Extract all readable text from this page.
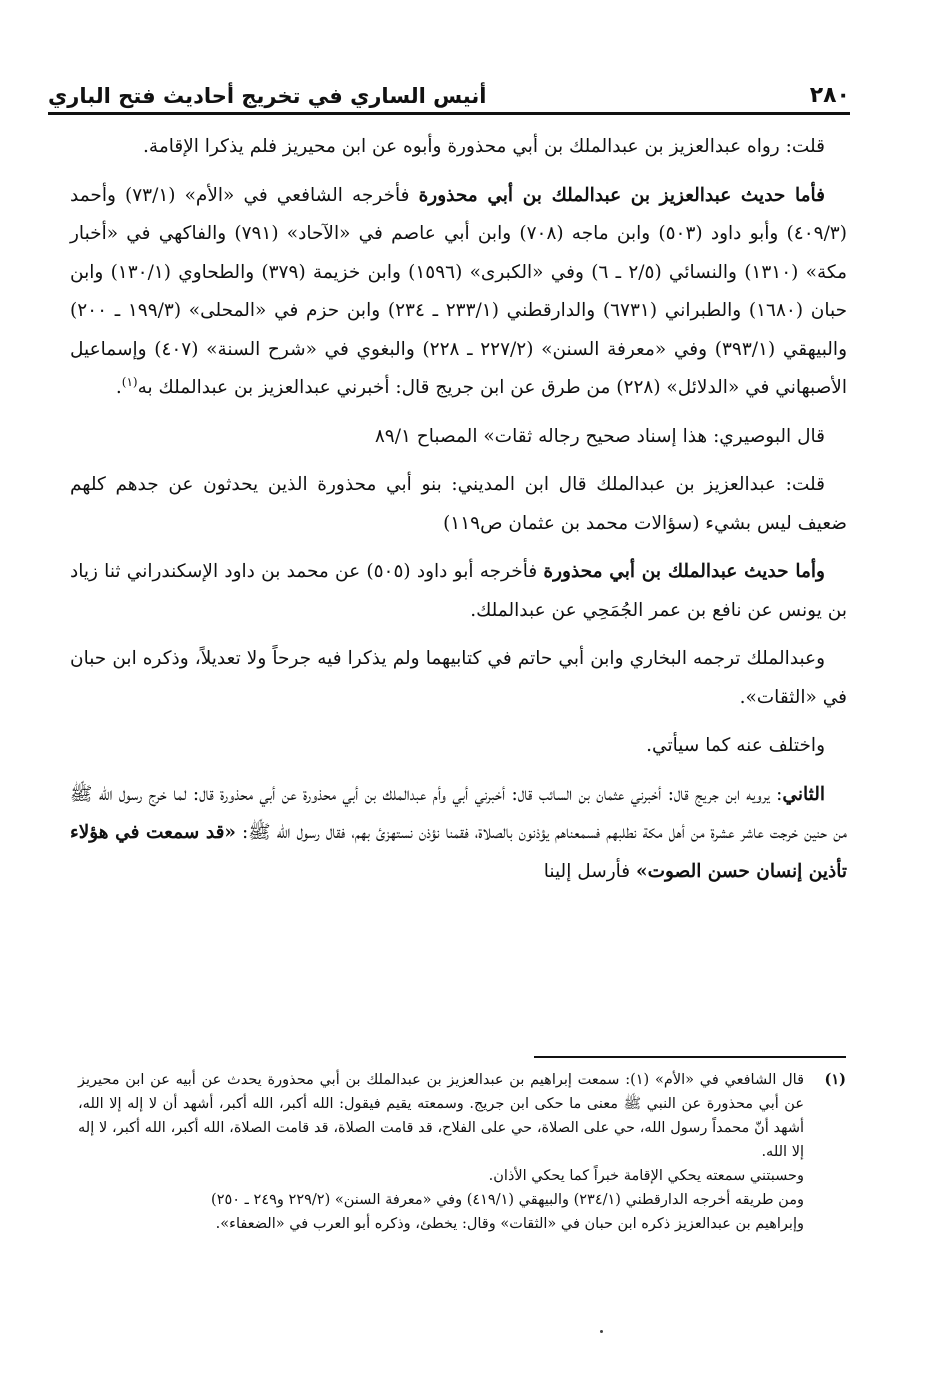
٢٨٠
أنيس الساري في تخريج أحاديث فتح الباري

قلت: رواه عبدالعزيز بن عبدالملك بن أبي محذورة وأبوه عن ابن محيريز فلم يذكرا الإقامة.

فأما حديث عبدالعزيز بن عبدالملك بن أبي محذورة فأخرجه الشافعي في «الأم» (٧٣/١) وأحمد (٤٠٩/٣) وأبو داود (٥٠٣) وابن ماجه (٧٠٨) وابن أبي عاصم في «الآحاد» (٧٩١) والفاكهي في «أخبار مكة» (١٣١٠) والنسائي (٢/٥ ـ ٦) وفي «الكبرى» (١٥٩٦) وابن خزيمة (٣٧٩) والطحاوي (١٣٠/١) وابن حبان (١٦٨٠) والطبراني (٦٧٣١) والدارقطني (٢٣٣/١ ـ ٢٣٤) وابن حزم في «المحلى» (١٩٩/٣ ـ ٢٠٠) والبيهقي (٣٩٣/١) وفي «معرفة السنن» (٢٢٧/٢ ـ ٢٢٨) والبغوي في «شرح السنة» (٤٠٧) وإسماعيل الأصبهاني في «الدلائل» (٢٢٨) من طرق عن ابن جريج قال: أخبرني عبدالعزيز بن عبدالملك به$^{(١)}$.

قال البوصيري: هذا إسناد صحيح رجاله ثقات» المصباح ٨٩/١

قلت: عبدالعزيز بن عبدالملك قال ابن المديني: بنو أبي محذورة الذين يحدثون عن جدهم كلهم ضعيف ليس بشيء (سؤالات محمد بن عثمان ص١١٩)

وأما حديث عبدالملك بن أبي محذورة فأخرجه أبو داود (٥٠٥) عن محمد بن داود الإسكندراني ثنا زياد بن يونس عن نافع بن عمر الجُمَحِي عن عبدالملك.

وعبدالملك ترجمه البخاري وابن أبي حاتم في كتابيهما ولم يذكرا فيه جرحاً ولا تعديلاً، وذكره ابن حبان في «الثقات».

واختلف عنه كما سيأتي.

الثاني: يرويه ابن جريج قال: أخبرني عثمان بن السائب قال: أخبرني أبي وأم عبدالملك بن أبي محذورة عن أبي محذورة قال: لما خرج رسول الله ﷺ من حنين خرجت عاشر عشرة من أهل مكة نطلبهم فسمعناهم يؤذنون بالصلاة، فقمنا نؤذن نستهزئ بهم، فقال رسول الله ﷺ: «قد سمعت في هؤلاء تأذين إنسان حسن الصوت» فأرسل إلينا

(١)
قال الشافعي في «الأم» (١): سمعت إبراهيم بن عبدالعزيز بن عبدالملك بن أبي محذورة يحدث عن أبيه عن ابن محيريز عن أبي محذورة عن النبي ﷺ معنى ما حكى ابن جريج. وسمعته يقيم فيقول: الله أكبر، الله أكبر، أشهد أن لا إله إلا الله، أشهد أنّ محمداً رسول الله، حي على الصلاة، حي على الفلاح، قد قامت الصلاة، قد قامت الصلاة، الله أكبر، الله أكبر، لا إله إلا الله.
وحسبتني سمعته يحكي الإقامة خبراً كما يحكي الأذان.
ومن طريقه أخرجه الدارقطني (٢٣٤/١) والبيهقي (٤١٩/١) وفي «معرفة السنن» (٢٢٩/٢ و٢٤٩ ـ ٢٥٠)
وإبراهيم بن عبدالعزيز ذكره ابن حبان في «الثقات» وقال: يخطئ، وذكره أبو العرب في «الضعفاء».
